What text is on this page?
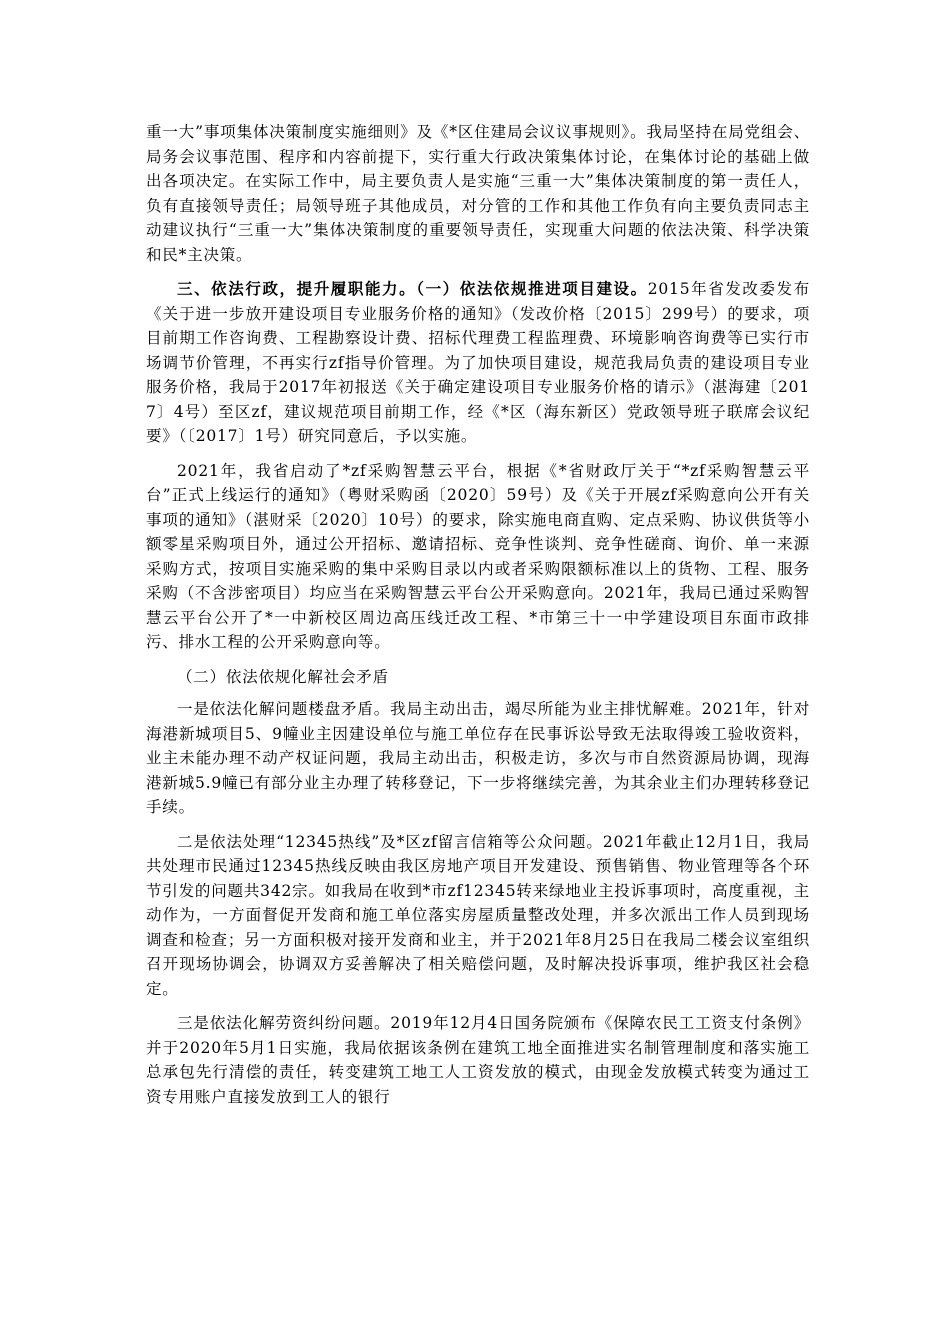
重一大”事项集体决策制度实施细则》及《*区住建局会议议事规则》。我局坚持在局党组会、局务会议事范围、程序和内容前提下，实行重大行政决策集体讨论，在集体讨论的基础上做出各项决定。在实际工作中，局主要负责人是实施“三重一大”集体决策制度的第一责任人，负有直接领导责任；局领导班子其他成员，对分管的工作和其他工作负有向主要负责同志主动建议执行“三重一大”集体决策制度的重要领导责任，实现重大问题的依法决策、科学决策和民*主决策。

三、依法行政，提升履职能力。（一）依法依规推进项目建设。2015年省发改委发布《关于进一步放开建设项目专业服务价格的通知》（发改价格〔2015〕299号）的要求，项目前期工作咨询费、工程勘察设计费、招标代理费工程监理费、环境影响咨询费等已实行市场调节价管理，不再实行zf指导价管理。为了加快项目建设，规范我局负责的建设项目专业服务价格，我局于2017年初报送《关于确定建设项目专业服务价格的请示》（湛海建〔2017〕4号）至区zf，建议规范项目前期工作，经《*区（海东新区）党政领导班子联席会议纪要》（〔2017〕1号）研究同意后，予以实施。

2021年，我省启动了*zf采购智慧云平台，根据《*省财政厅关于“*zf采购智慧云平台”正式上线运行的通知》（粤财采购函〔2020〕59号）及《关于开展zf采购意向公开有关事项的通知》（湛财采〔2020〕10号）的要求，除实施电商直购、定点采购、协议供货等小额零星采购项目外，通过公开招标、邀请招标、竞争性谈判、竞争性磋商、询价、单一来源采购方式，按项目实施采购的集中采购目录以内或者采购限额标准以上的货物、工程、服务采购（不含涉密项目）均应当在采购智慧云平台公开采购意向。2021年，我局已通过采购智慧云平台公开了*一中新校区周边高压线迁改工程、*市第三十一中学建设项目东面市政排污、排水工程的公开采购意向等。

（二）依法依规化解社会矛盾

一是依法化解问题楼盘矛盾。我局主动出击，竭尽所能为业主排忧解难。2021年，针对海港新城项目5、9幢业主因建设单位与施工单位存在民事诉讼导致无法取得竣工验收资料，业主未能办理不动产权证问题，我局主动出击，积极走访，多次与市自然资源局协调，现海港新城5.9幢已有部分业主办理了转移登记，下一步将继续完善，为其余业主们办理转移登记手续。

二是依法处理“12345热线”及*区zf留言信箱等公众问题。2021年截止12月1日，我局共处理市民通过12345热线反映由我区房地产项目开发建设、预售销售、物业管理等各个环节引发的问题共342宗。如我局在收到*市zf12345转来绿地业主投诉事项时，高度重视，主动作为，一方面督促开发商和施工单位落实房屋质量整改处理，并多次派出工作人员到现场调查和检查；另一方面积极对接开发商和业主，并于2021年8月25日在我局二楼会议室组织召开现场协调会，协调双方妥善解决了相关赔偿问题，及时解决投诉事项，维护我区社会稳定。

三是依法化解劳资纠纷问题。2019年12月4日国务院颁布《保障农民工工资支付条例》并于2020年5月1日实施，我局依据该条例在建筑工地全面推进实名制管理制度和落实施工总承包先行清偿的责任，转变建筑工地工人工资发放的模式，由现金发放模式转变为通过工资专用账户直接发放到工人的银行
